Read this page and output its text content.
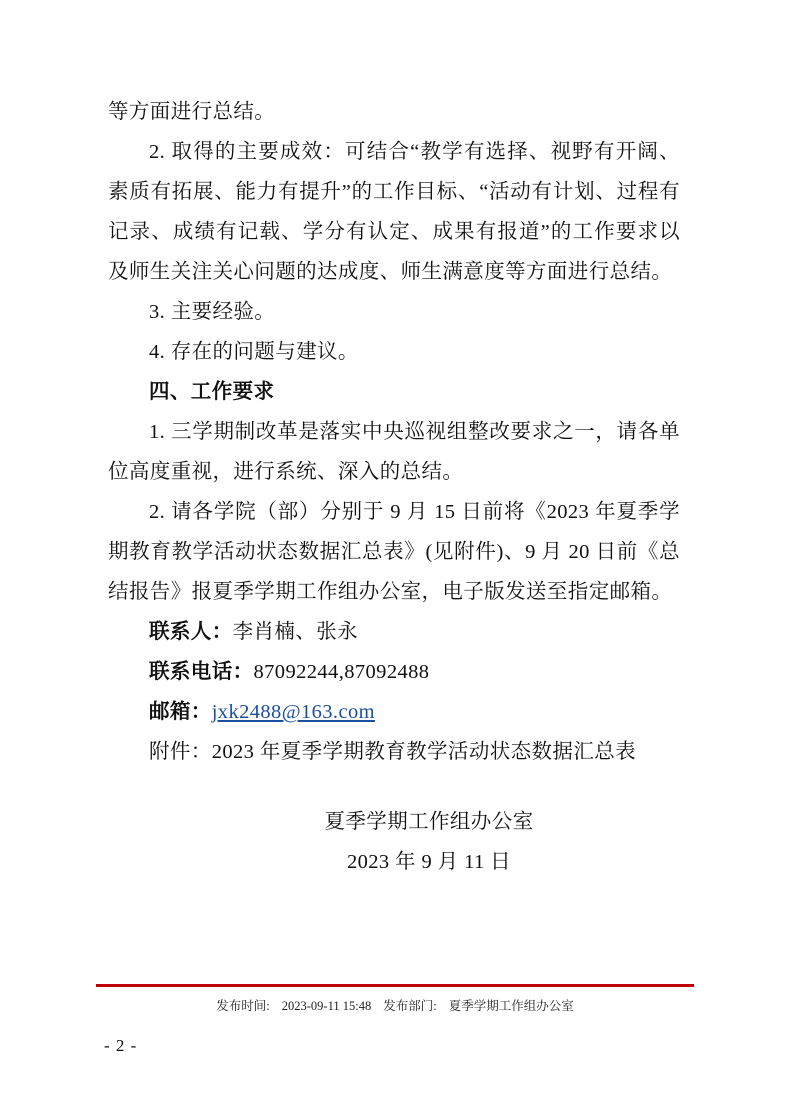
等方面进行总结。

2. 取得的主要成效：可结合“教学有选择、视野有开阔、素质有拓展、能力有提升”的工作目标、“活动有计划、过程有记录、成绩有记载、学分有认定、成果有报道”的工作要求以及师生关注关心问题的达成度、师生满意度等方面进行总结。

3. 主要经验。

4. 存在的问题与建议。

四、工作要求

1. 三学期制改革是落实中央巡视组整改要求之一，请各单位高度重视，进行系统、深入的总结。

2. 请各学院（部）分别于 9 月 15 日前将《2023 年夏季学期教育教学活动状态数据汇总表》(见附件)、9 月 20 日前《总结报告》报夏季学期工作组办公室，电子版发送至指定邮箱。

联系人：李肖楠、张永

联系电话：87092244,87092488

邮箱：jxk2488@163.com

附件：2023 年夏季学期教育教学活动状态数据汇总表

夏季学期工作组办公室
2023 年 9 月 11 日
发布时间: 2023-09-11 15:48 发布部门: 夏季学期工作组办公室
- 2 -
